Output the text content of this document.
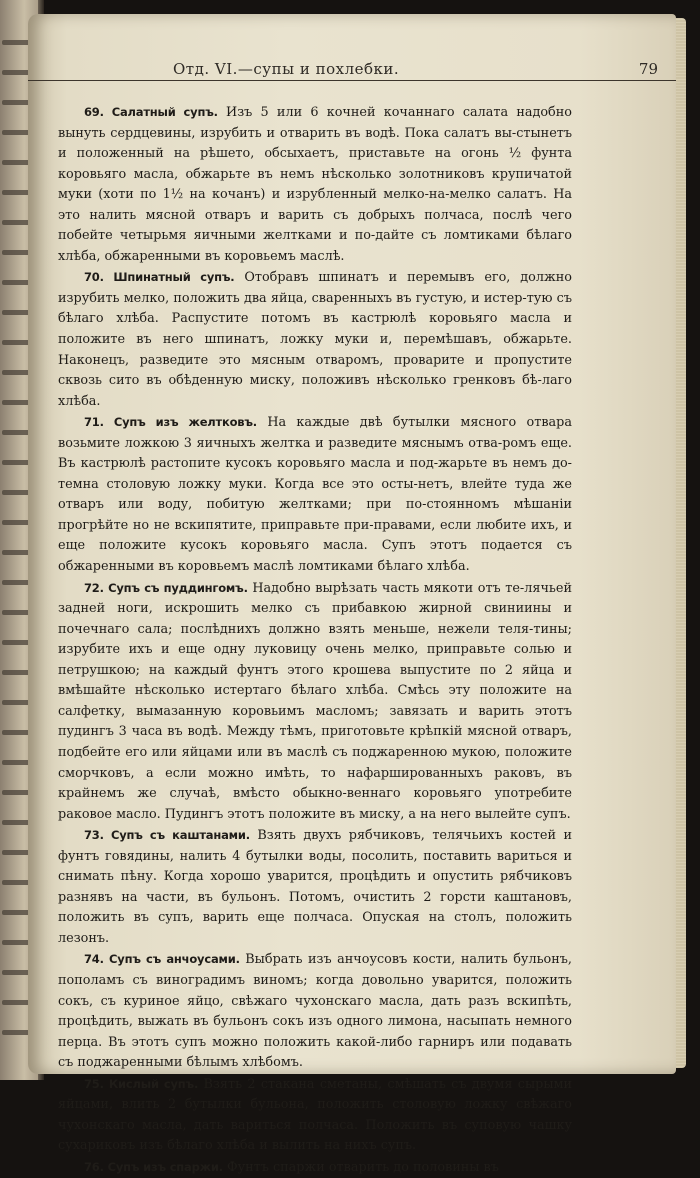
Отд. VI.—супы и похлебки.	79

69. Салатный супъ. Изъ 5 или 6 кочней кочаннаго салата надобно вынуть сердцевины, изрубить и отварить въ водѣ. Пока салатъ вы-стынетъ и положенный на рѣшето, обсыхаетъ, приставьте на огонь ½ фунта коровьяго масла, обжарьте въ немъ нѣсколько золотниковъ крупичатой муки (хоти по 1½ на кочанъ) и изрубленный мелко-на-мелко салатъ. На это налить мясной отваръ и варить съ добрыхъ полчаса, послѣ чего побейте четырьмя яичными желтками и по-дайте съ ломтиками бѣлаго хлѣба, обжаренными въ коровьемъ маслѣ.

70. Шпинатный супъ. Отобравъ шпинатъ и перемывъ его, должно изрубить мелко, положить два яйца, сваренныхъ въ густую, и истер-тую съ бѣлаго хлѣба. Распустите потомъ въ кастрюлѣ коровьяго масла и положите въ него шпинатъ, ложку муки и, перемѣшавъ, обжарьте. Наконецъ, разведите это мясным отваромъ, проварите и пропустите сквозь сито въ обѣденную миску, положивъ нѣсколько гренковъ бѣ-лаго хлѣба.

71. Супъ изъ желтковъ. На каждые двѣ бутылки мясного отвара возьмите ложкою 3 яичныхъ желтка и разведите мяснымъ отва-ромъ еще. Въ кастрюлѣ растопите кусокъ коровьяго масла и под-жарьте въ немъ до-темна столовую ложку муки. Когда все это осты-нетъ, влейте туда же отваръ или воду, побитую желтками; при по-стоянномъ мѣшаніи прогрѣйте но не вскипятите, приправьте при-правами, если любите ихъ, и еще положите кусокъ коровьяго масла. Супъ этотъ подается съ обжаренными въ коровьемъ маслѣ ломтиками бѣлаго хлѣба.

72. Супъ съ пуддингомъ. Надобно вырѣзать часть мякоти отъ те-лячьей задней ноги, искрошить мелко съ прибавкою жирной свиниины и почечнаго сала; послѣднихъ должно взять меньше, нежели теля-тины; изрубите ихъ и еще одну луковицу очень мелко, приправьте солью и петрушкою; на каждый фунтъ этого крошева выпустите по 2 яйца и вмѣшайте нѣсколько истертаго бѣлаго хлѣба. Смѣсь эту положите на салфетку, вымазанную коровьимъ масломъ; завязать и варить этотъ пудингъ 3 часа въ водѣ. Между тѣмъ, приготовьте крѣпкій мясной отваръ, подбейте его или яйцами или въ маслѣ съ поджаренною мукою, положите сморчковъ, а если можно имѣть, то нафаршированныхъ раковъ, въ крайнемъ же случаѣ, вмѣсто обыкно-веннаго коровьяго употребите раковое масло. Пудингъ этотъ положите въ миску, а на него вылейте супъ.

73. Супъ съ каштанами. Взять двухъ рябчиковъ, телячьихъ костей и фунтъ говядины, налить 4 бутылки воды, посолить, поставить вариться и снимать пѣну. Когда хорошо уварится, процѣдить и опустить рябчиковъ разнявъ на части, въ бульонъ. Потомъ, очистить 2 горсти каштановъ, положить въ супъ, варить еще полчаса. Опуская на столъ, положить лезонъ.

74. Супъ съ анчоусами. Выбрать изъ анчоусовъ кости, налить бульонъ, пополамъ съ виноградимъ виномъ; когда довольно уварится, положить сокъ, съ куриное яйцо, свѣжаго чухонскаго масла, дать разъ вскипѣть, процѣдить, выжать въ бульонъ сокъ изъ одного лимона, насыпать немного перца. Въ этотъ супъ можно положить какой-либо гарниръ или подавать съ поджаренными бѣлымъ хлѣбомъ.

75. Кислый супъ. Взять 2 стакана сметаны, смѣшать съ двумя сырыми яйцами, влить 2 бутылки бульона, положить столовую ложку свѣжаго чухонскаго масла, дать вариться полчаса. Положить въ суповую чашку сухариковъ изъ бѣлаго хлѣба и вылить на нихъ супъ.

76. Супъ изъ спаржи. Фунтъ спаржи отварить до половины въ
